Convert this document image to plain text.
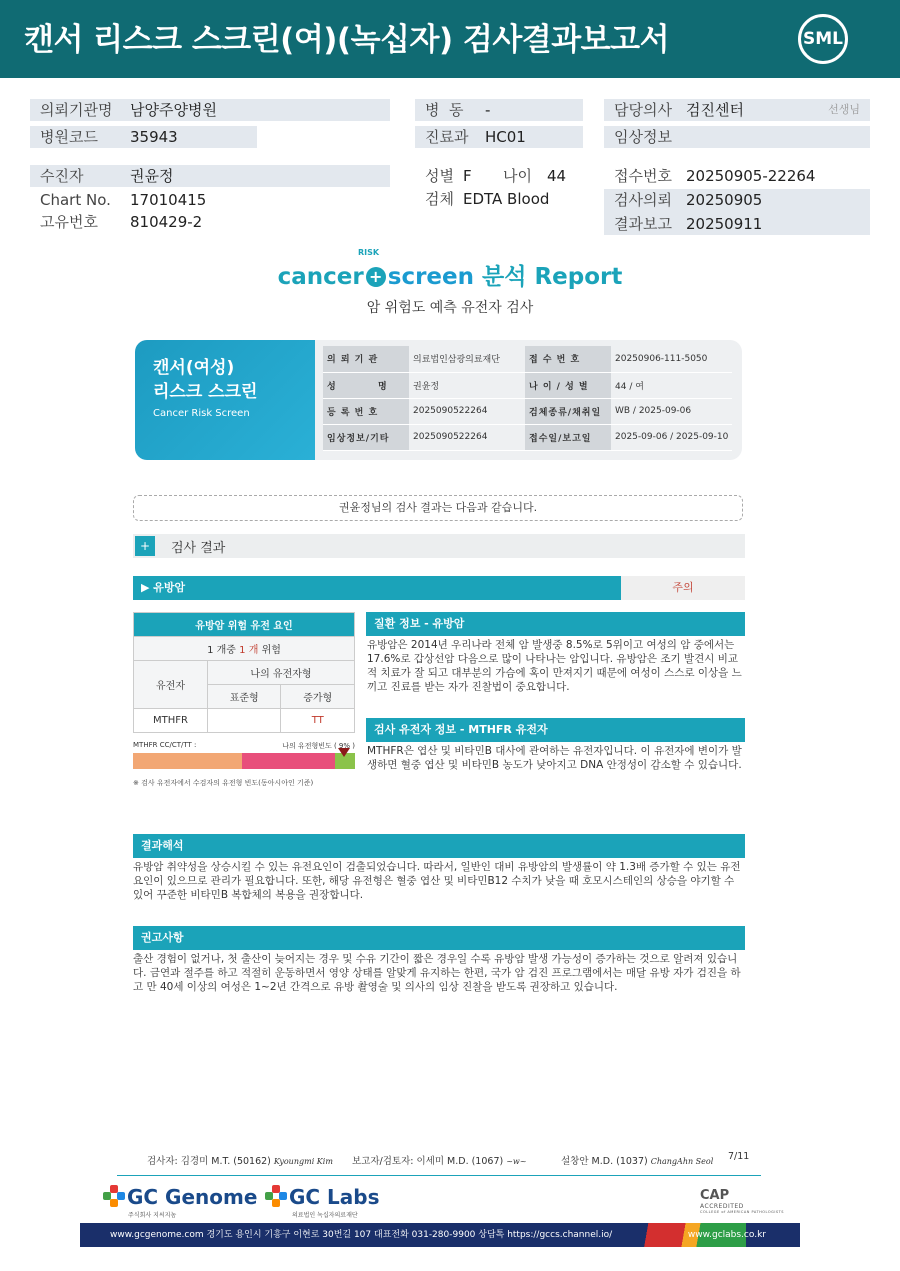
캔서 리스크 스크린(여)(녹십자) 검사결과보고서	SML
의뢰기관명 남양주양병원
병원코드 35943
수진자	권윤정
Chart No. 17010415
고유번호 810429-2
병  동 -
진료과 HC01
성별 F 나이 44
검체 EDTA Blood
담당의사 검진센터	선생님
임상정보
접수번호 20250905-22264
검사의뢰 20250905
결과보고 20250911
RISK
cancer + screen 분석 Report
암 위험도 예측 유전자 검사
캔서(여성)
리스크 스크린
Cancer Risk Screen
의 뢰 기 관	의료법인삼광의료재단	접 수 번 호	20250906-111-5050
성          명	권윤정	나 이 / 성 별	44 / 여
등 록 번 호	2025090522264	검체종류/채취일	WB / 2025-09-06
임상정보/기타	2025090522264	접수일/보고일	2025-09-06 / 2025-09-10
권윤정님의 검사 결과는 다음과 같습니다.
+	검사 결과
▶ 유방암	주의
유방암 위험 유전 요인		
1 개중 1 개 위험		
유전자	나의 유전자형	
	표준형	증가형
MTHFR		TT
MTHFR CC/CT/TT :	나의 유전형빈도 ( 9% )
※ 검사 유전자에서 수검자의 유전형 빈도(동아시아인 기준)
질환 정보 - 유방암
유방암은 2014년 우리나라 전체 암 발생중 8.5%로 5위이고 여성의 암 중에서는 17.6%로 갑상선암 다음으로 많이 나타나는 암입니다. 유방암은 조기 발견시 비교적 치료가 잘 되고 대부분의 가슴에 혹이 만져지기 때문에 여성이 스스로 이상을 느끼고 진료를 받는 자가 진찰법이 중요합니다.
검사 유전자 정보 - MTHFR 유전자
MTHFR은 엽산 및 비타민B 대사에 관여하는 유전자입니다. 이 유전자에 변이가 발생하면 혈중 엽산 및 비타민B 농도가 낮아지고 DNA 안정성이 감소할 수 있습니다.
결과해석
유방암 취약성을 상승시킬 수 있는 유전요인이 검출되었습니다. 따라서, 일반인 대비 유방암의 발생률이 약 1.3배 증가할 수 있는 유전요인이 있으므로 관리가 필요합니다. 또한, 해당 유전형은 혈중 엽산 및 비타민B12 수치가 낮을 때 호모시스테인의 상승을 야기할 수 있어 꾸준한 비타민B 복합체의 복용을 권장합니다.
권고사항
출산 경험이 없거나, 첫 출산이 늦어지는 경우 및 수유 기간이 짧은 경우일 수록 유방암 발생 가능성이 증가하는 것으로 알려져 있습니다. 금연과 절주를 하고 적절히 운동하면서 영양 상태를 알맞게 유지하는 한편, 국가 암 검진 프로그램에서는 매달 유방 자가 검진을 하고 만 40세 이상의 여성은 1~2년 간격으로 유방 촬영술 및 의사의 임상 진찰을 받도록 권장하고 있습니다.
검사자: 김경미 M.T. (50162) Kyoungmi Kim 보고자/검토자: 이세미 M.D. (1067) ~w~	설창안 M.D. (1037) ChangAhn Seol 7/11
GC Genome
주식회사 지씨지놈
GC Labs
의료법인 녹십자의료재단
CAP
ACCREDITED
COLLEGE of AMERICAN PATHOLOGISTS
www.gcgenome.com 경기도 용인시 기흥구 이현로 30번길 107 대표전화 031-280-9900 상담톡 https://gccs.channel.io/	www.gclabs.co.kr
